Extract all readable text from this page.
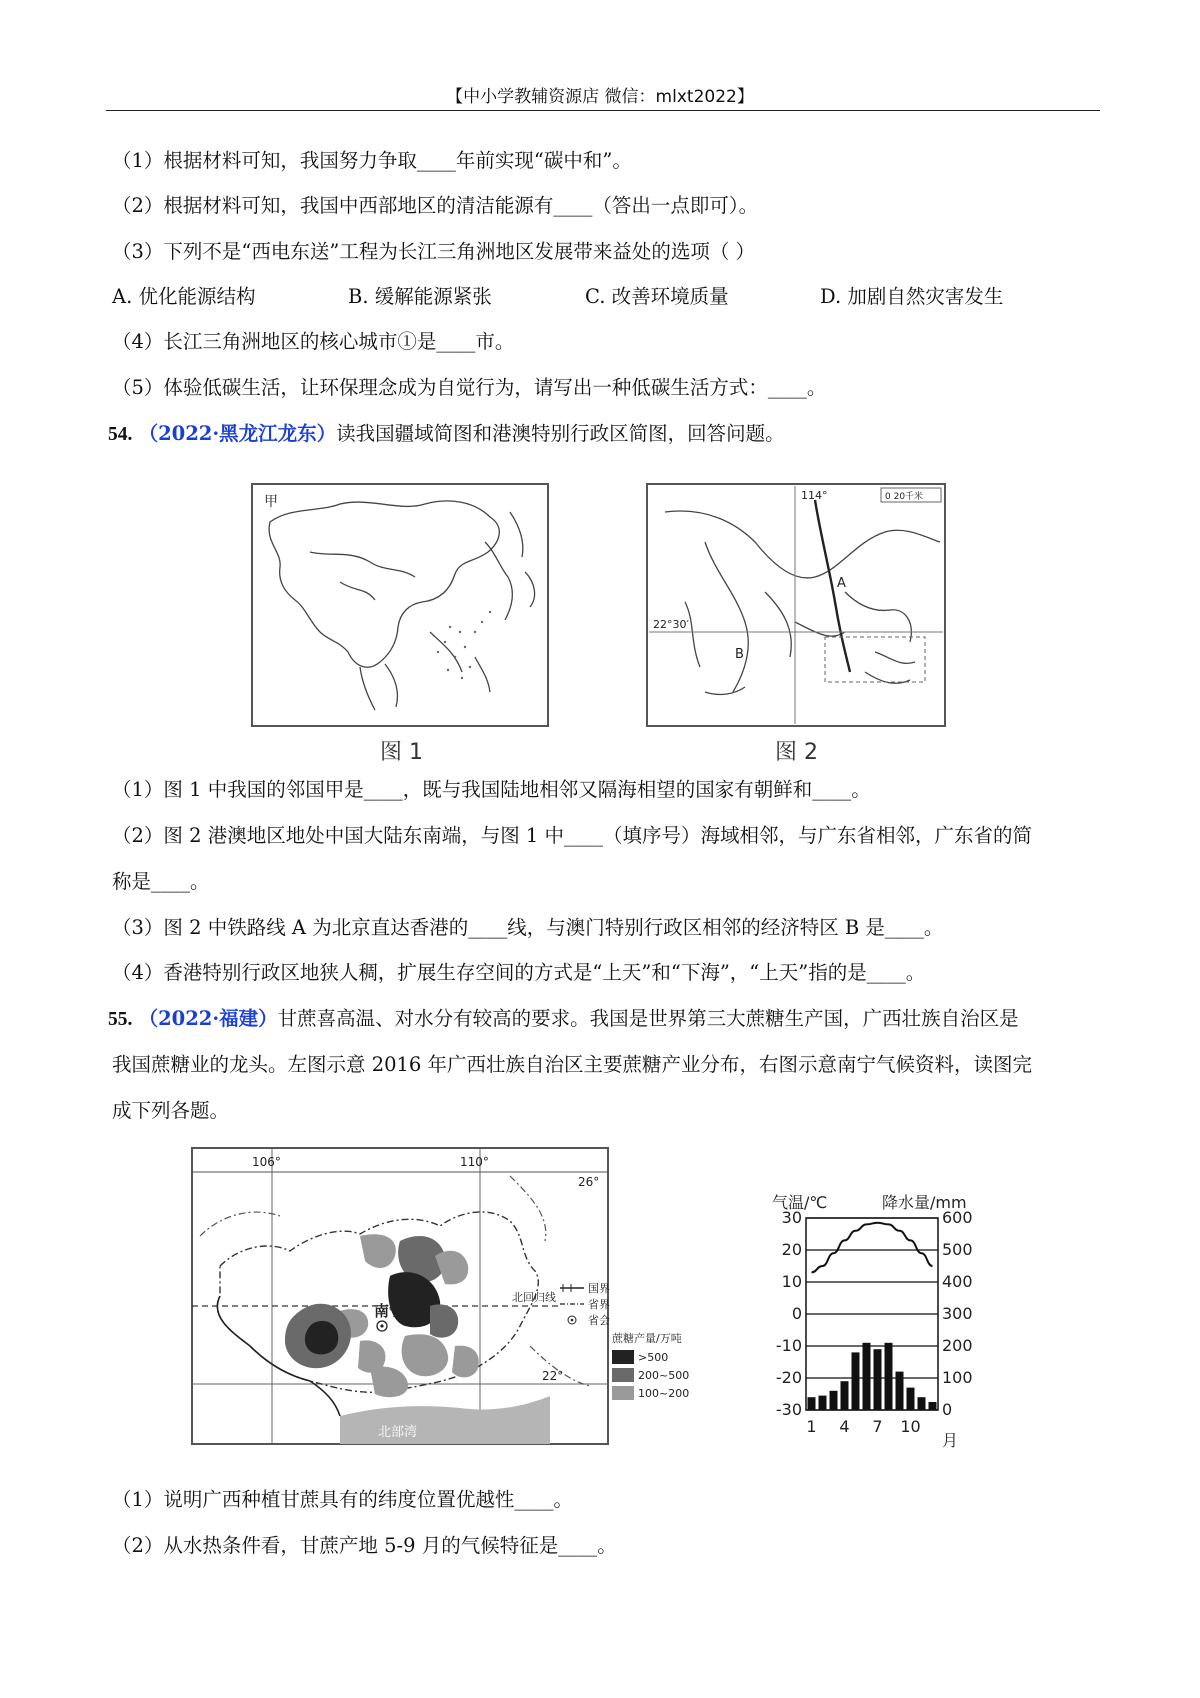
【中小学教辅资源店 微信：mlxt2022】
（1）根据材料可知，我国努力争取____年前实现“碳中和”。
（2）根据材料可知，我国中西部地区的清洁能源有____（答出一点即可）。
（3）下列不是“西电东送”工程为长江三角洲地区发展带来益处的选项（ ）
A. 优化能源结构	B. 缓解能源紧张	C. 改善环境质量	D. 加剧自然灾害发生
（4）长江三角洲地区的核心城市①是____市。
（5）体验低碳生活，让环保理念成为自觉行为，请写出一种低碳生活方式：____。
54. （2022·黑龙江龙东）读我国疆域简图和港澳特别行政区简图，回答问题。
甲
图 1
114°	0 20千米
22°30′
A
B
图 2
（1）图 1 中我国的邻国甲是____，既与我国陆地相邻又隔海相望的国家有朝鲜和____。
（2）图 2 港澳地区地处中国大陆东南端，与图 1 中____（填序号）海域相邻，与广东省相邻，广东省的简
称是____。
（3）图 2 中铁路线 A 为北京直达香港的____线，与澳门特别行政区相邻的经济特区 B 是____。
（4）香港特别行政区地狭人稠，扩展生存空间的方式是“上天”和“下海”，“上天”指的是____。
55. （2022·福建）甘蔗喜高温、对水分有较高的要求。我国是世界第三大蔗糖生产国，广西壮族自治区是
我国蔗糖业的龙头。左图示意 2016 年广西壮族自治区主要蔗糖产业分布，右图示意南宁气候资料，读图完
成下列各题。
106°	110°
26°
22°
北回归线
南宁
北部湾
国界
省界
省会
蔗糖产量/万吨
>500
200~500
100~200
气温/℃	降水量/mm
30
20
10
0
-10
-20
-30
600
500
400
300
200
100
0
1 4 7 10
月
（1）说明广西种植甘蔗具有的纬度位置优越性____。
（2）从水热条件看，甘蔗产地 5-9 月的气候特征是____。
